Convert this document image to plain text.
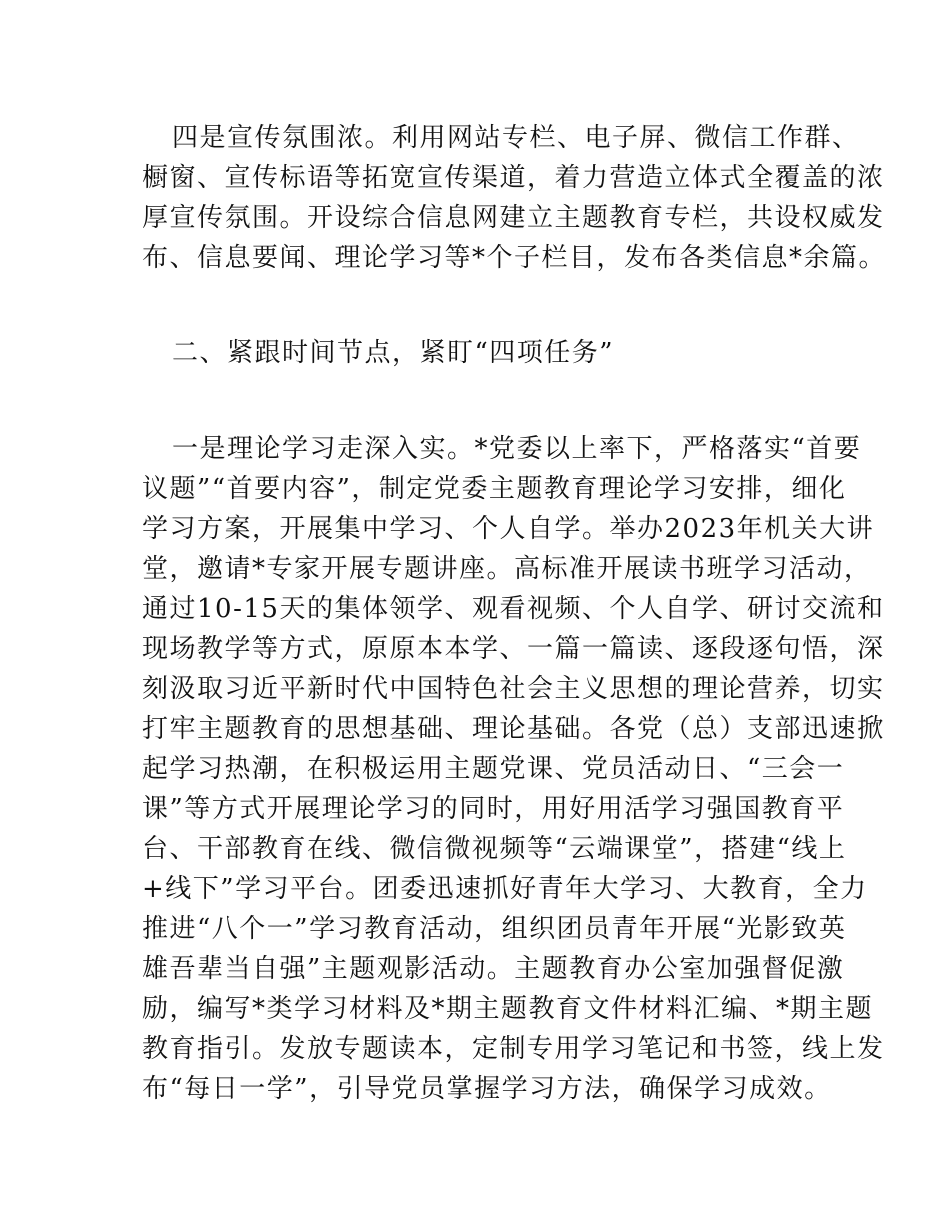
四是宣传氛围浓。利用网站专栏、电子屏、微信工作群、
橱窗、宣传标语等拓宽宣传渠道，着力营造立体式全覆盖的浓
厚宣传氛围。开设综合信息网建立主题教育专栏，共设权威发
布、信息要闻、理论学习等*个子栏目，发布各类信息*余篇。
二、紧跟时间节点，紧盯“四项任务”
一是理论学习走深入实。*党委以上率下，严格落实“首要
议题”“首要内容”，制定党委主题教育理论学习安排，细化
学习方案，开展集中学习、个人自学。举办2023年机关大讲
堂，邀请*专家开展专题讲座。高标准开展读书班学习活动，
通过10-15天的集体领学、观看视频、个人自学、研讨交流和
现场教学等方式，原原本本学、一篇一篇读、逐段逐句悟，深
刻汲取习近平新时代中国特色社会主义思想的理论营养，切实
打牢主题教育的思想基础、理论基础。各党（总）支部迅速掀
起学习热潮，在积极运用主题党课、党员活动日、“三会一
课”等方式开展理论学习的同时，用好用活学习强国教育平
台、干部教育在线、微信微视频等“云端课堂”，搭建“线上
+线下”学习平台。团委迅速抓好青年大学习、大教育，全力
推进“八个一”学习教育活动，组织团员青年开展“光影致英
雄吾辈当自强”主题观影活动。主题教育办公室加强督促激
励，编写*类学习材料及*期主题教育文件材料汇编、*期主题
教育指引。发放专题读本，定制专用学习笔记和书签，线上发
布“每日一学”，引导党员掌握学习方法，确保学习成效。
